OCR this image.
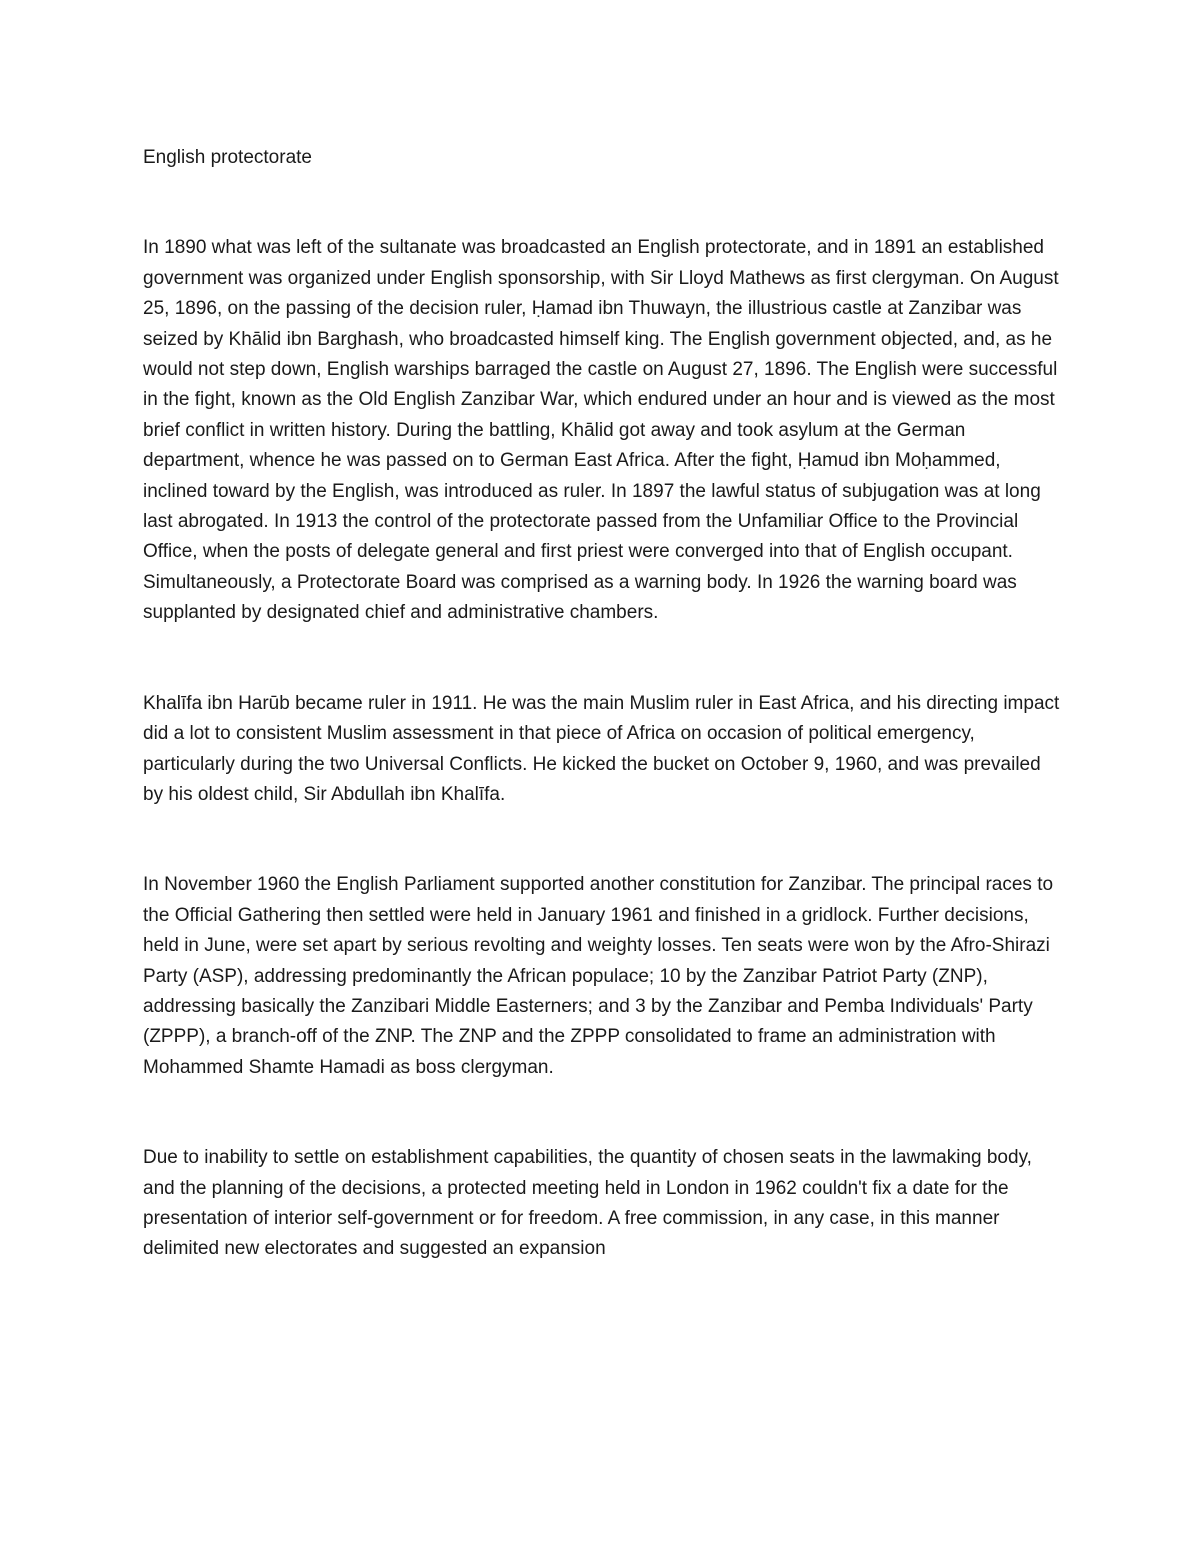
English protectorate

In 1890 what was left of the sultanate was broadcasted an English protectorate, and in 1891 an established government was organized under English sponsorship, with Sir Lloyd Mathews as first clergyman. On August 25, 1896, on the passing of the decision ruler, Ḥamad ibn Thuwayn, the illustrious castle at Zanzibar was seized by Khālid ibn Barghash, who broadcasted himself king. The English government objected, and, as he would not step down, English warships barraged the castle on August 27, 1896. The English were successful in the fight, known as the Old English Zanzibar War, which endured under an hour and is viewed as the most brief conflict in written history. During the battling, Khālid got away and took asylum at the German department, whence he was passed on to German East Africa. After the fight, Ḥamud ibn Moḥammed, inclined toward by the English, was introduced as ruler. In 1897 the lawful status of subjugation was at long last abrogated. In 1913 the control of the protectorate passed from the Unfamiliar Office to the Provincial Office, when the posts of delegate general and first priest were converged into that of English occupant. Simultaneously, a Protectorate Board was comprised as a warning body. In 1926 the warning board was supplanted by designated chief and administrative chambers.

Khalīfa ibn Harūb became ruler in 1911. He was the main Muslim ruler in East Africa, and his directing impact did a lot to consistent Muslim assessment in that piece of Africa on occasion of political emergency, particularly during the two Universal Conflicts. He kicked the bucket on October 9, 1960, and was prevailed by his oldest child, Sir Abdullah ibn Khalīfa.

In November 1960 the English Parliament supported another constitution for Zanzibar. The principal races to the Official Gathering then settled were held in January 1961 and finished in a gridlock. Further decisions, held in June, were set apart by serious revolting and weighty losses. Ten seats were won by the Afro-Shirazi Party (ASP), addressing predominantly the African populace; 10 by the Zanzibar Patriot Party (ZNP), addressing basically the Zanzibari Middle Easterners; and 3 by the Zanzibar and Pemba Individuals' Party (ZPPP), a branch-off of the ZNP. The ZNP and the ZPPP consolidated to frame an administration with Mohammed Shamte Hamadi as boss clergyman.

Due to inability to settle on establishment capabilities, the quantity of chosen seats in the lawmaking body, and the planning of the decisions, a protected meeting held in London in 1962 couldn't fix a date for the presentation of interior self-government or for freedom. A free commission, in any case, in this manner delimited new electorates and suggested an expansion
